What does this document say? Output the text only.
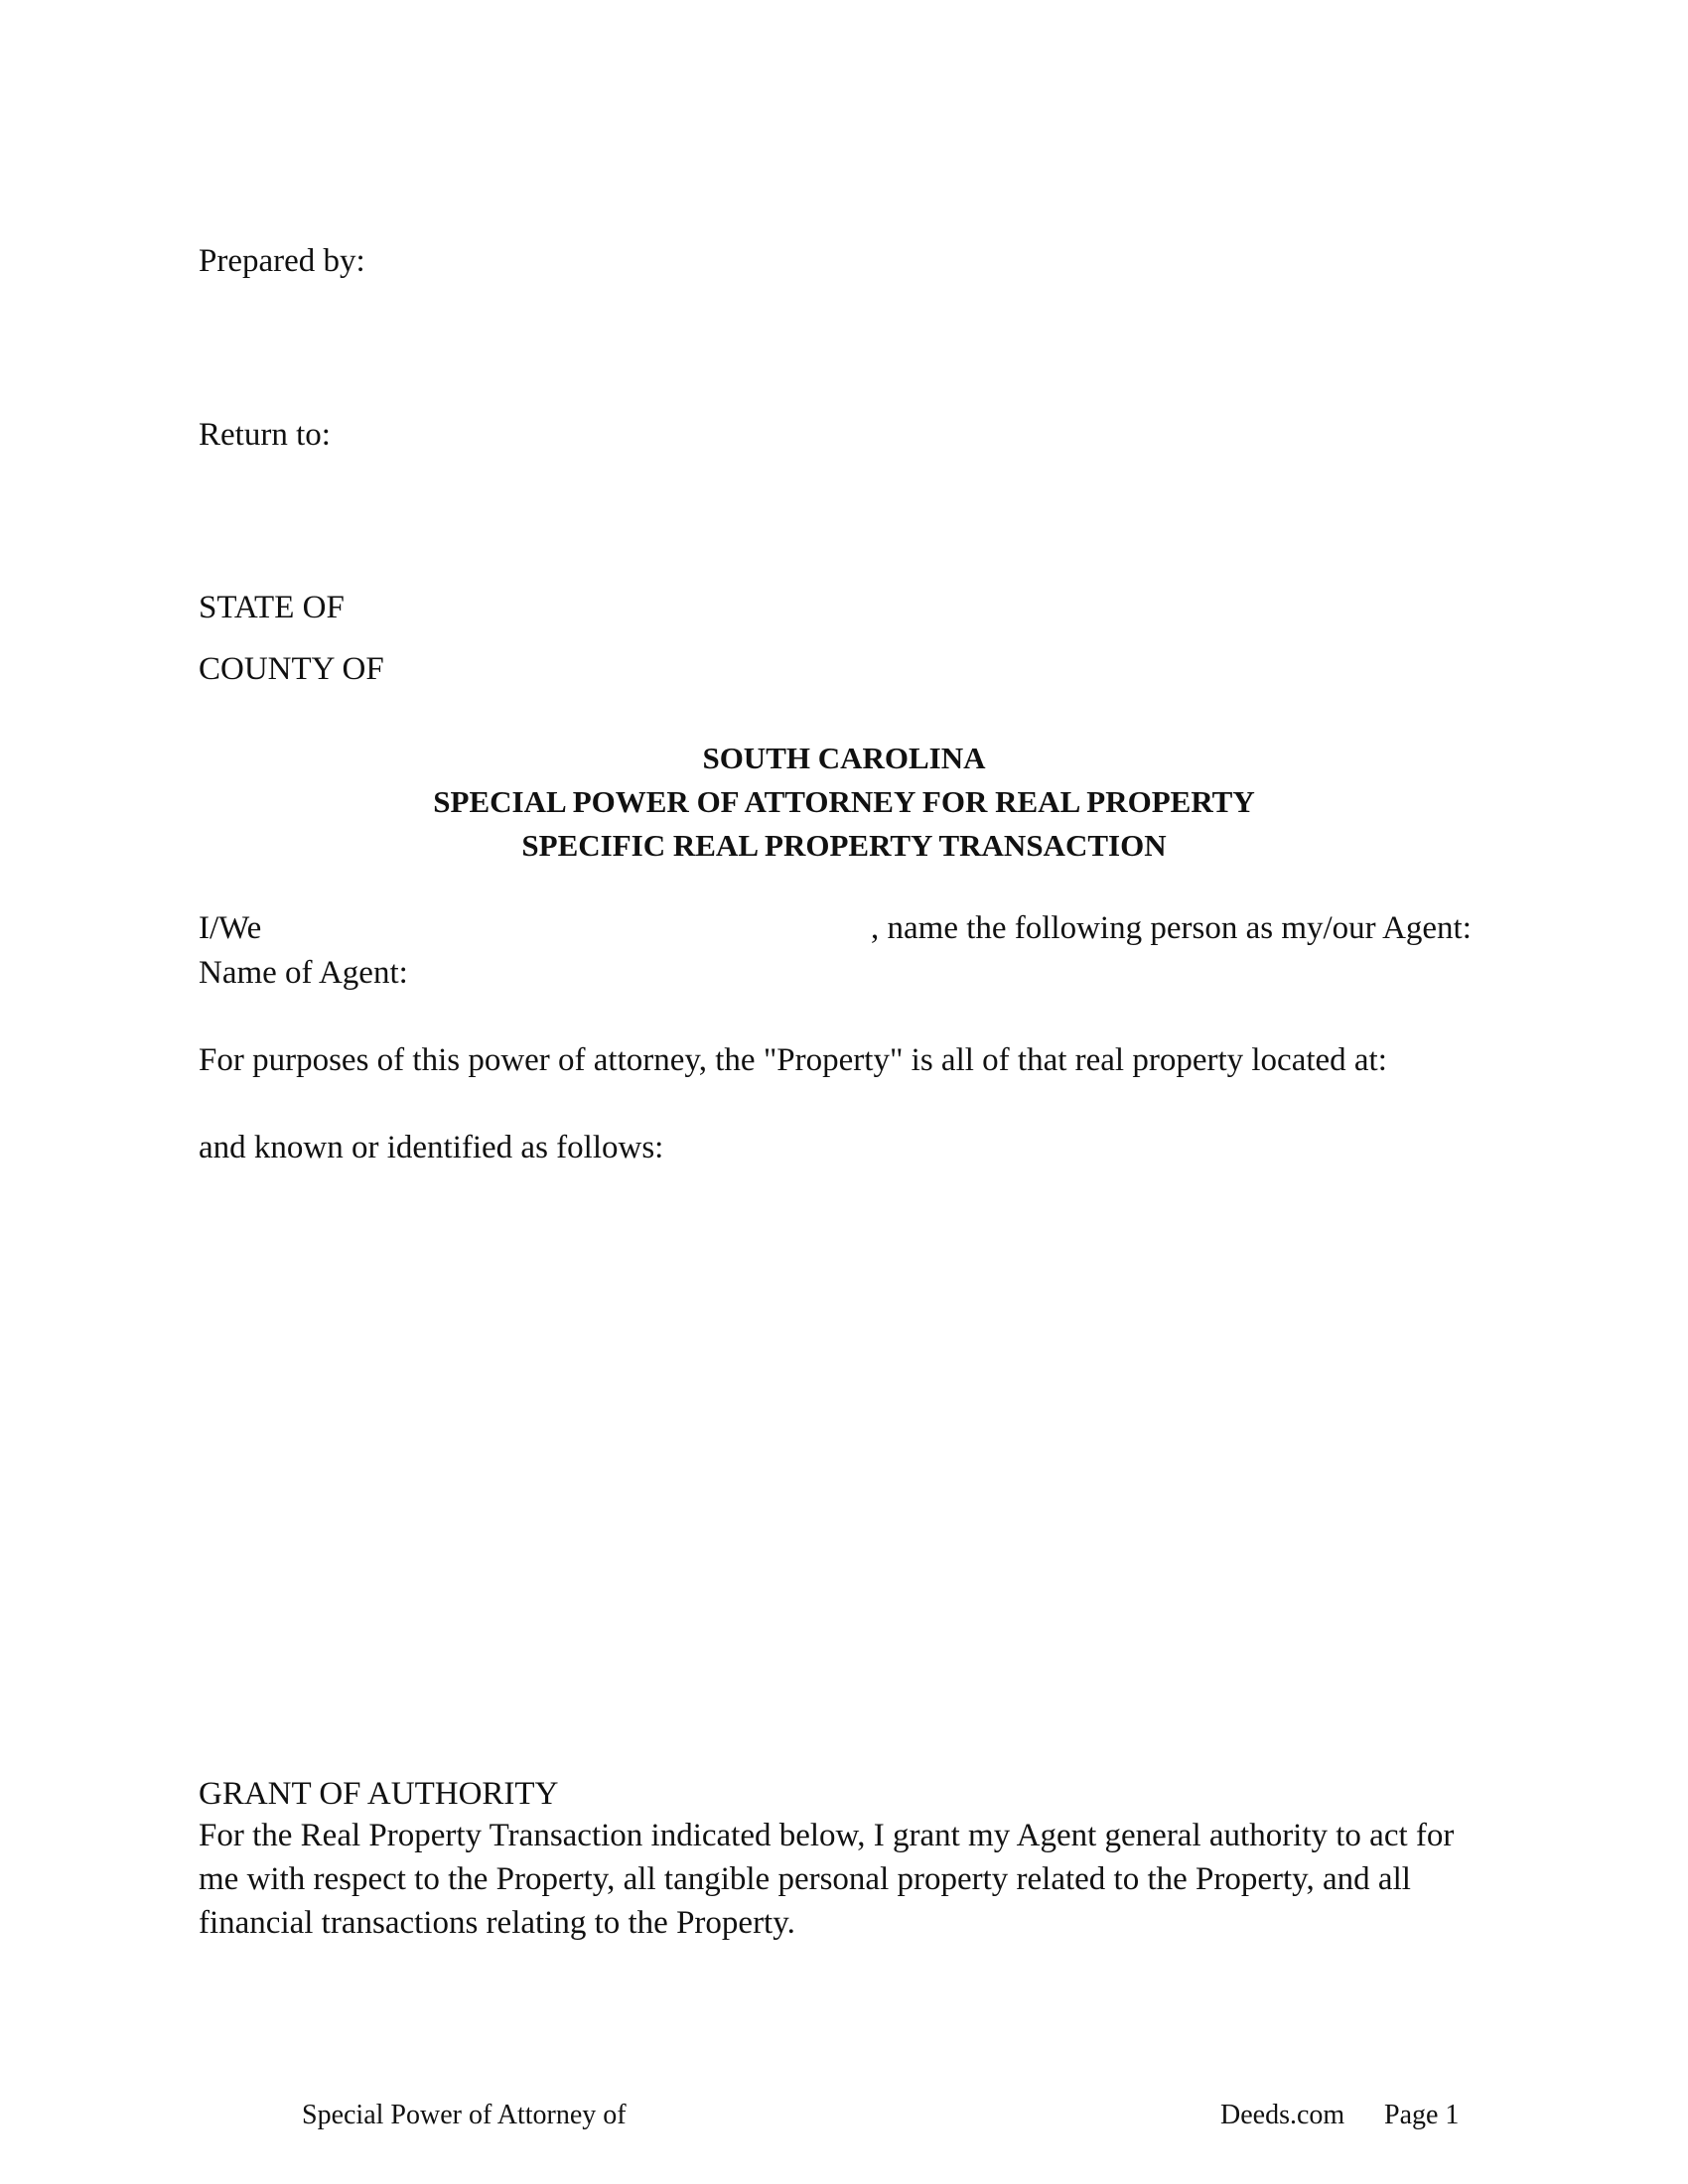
Prepared by:

Return to:

STATE OF

COUNTY OF

SOUTH CAROLINA
SPECIAL POWER OF ATTORNEY FOR REAL PROPERTY
SPECIFIC REAL PROPERTY TRANSACTION

I/We	, name the following person as my/our Agent:

Name of Agent:

For purposes of this power of attorney, the "Property" is all of that real property located at:

and known or identified as follows:

GRANT OF AUTHORITY

For the Real Property Transaction indicated below, I grant my Agent general authority to act for me with respect to the Property, all tangible personal property related to the Property, and all financial transactions relating to the Property.

Special Power of Attorney of	Deeds.com Page 1
